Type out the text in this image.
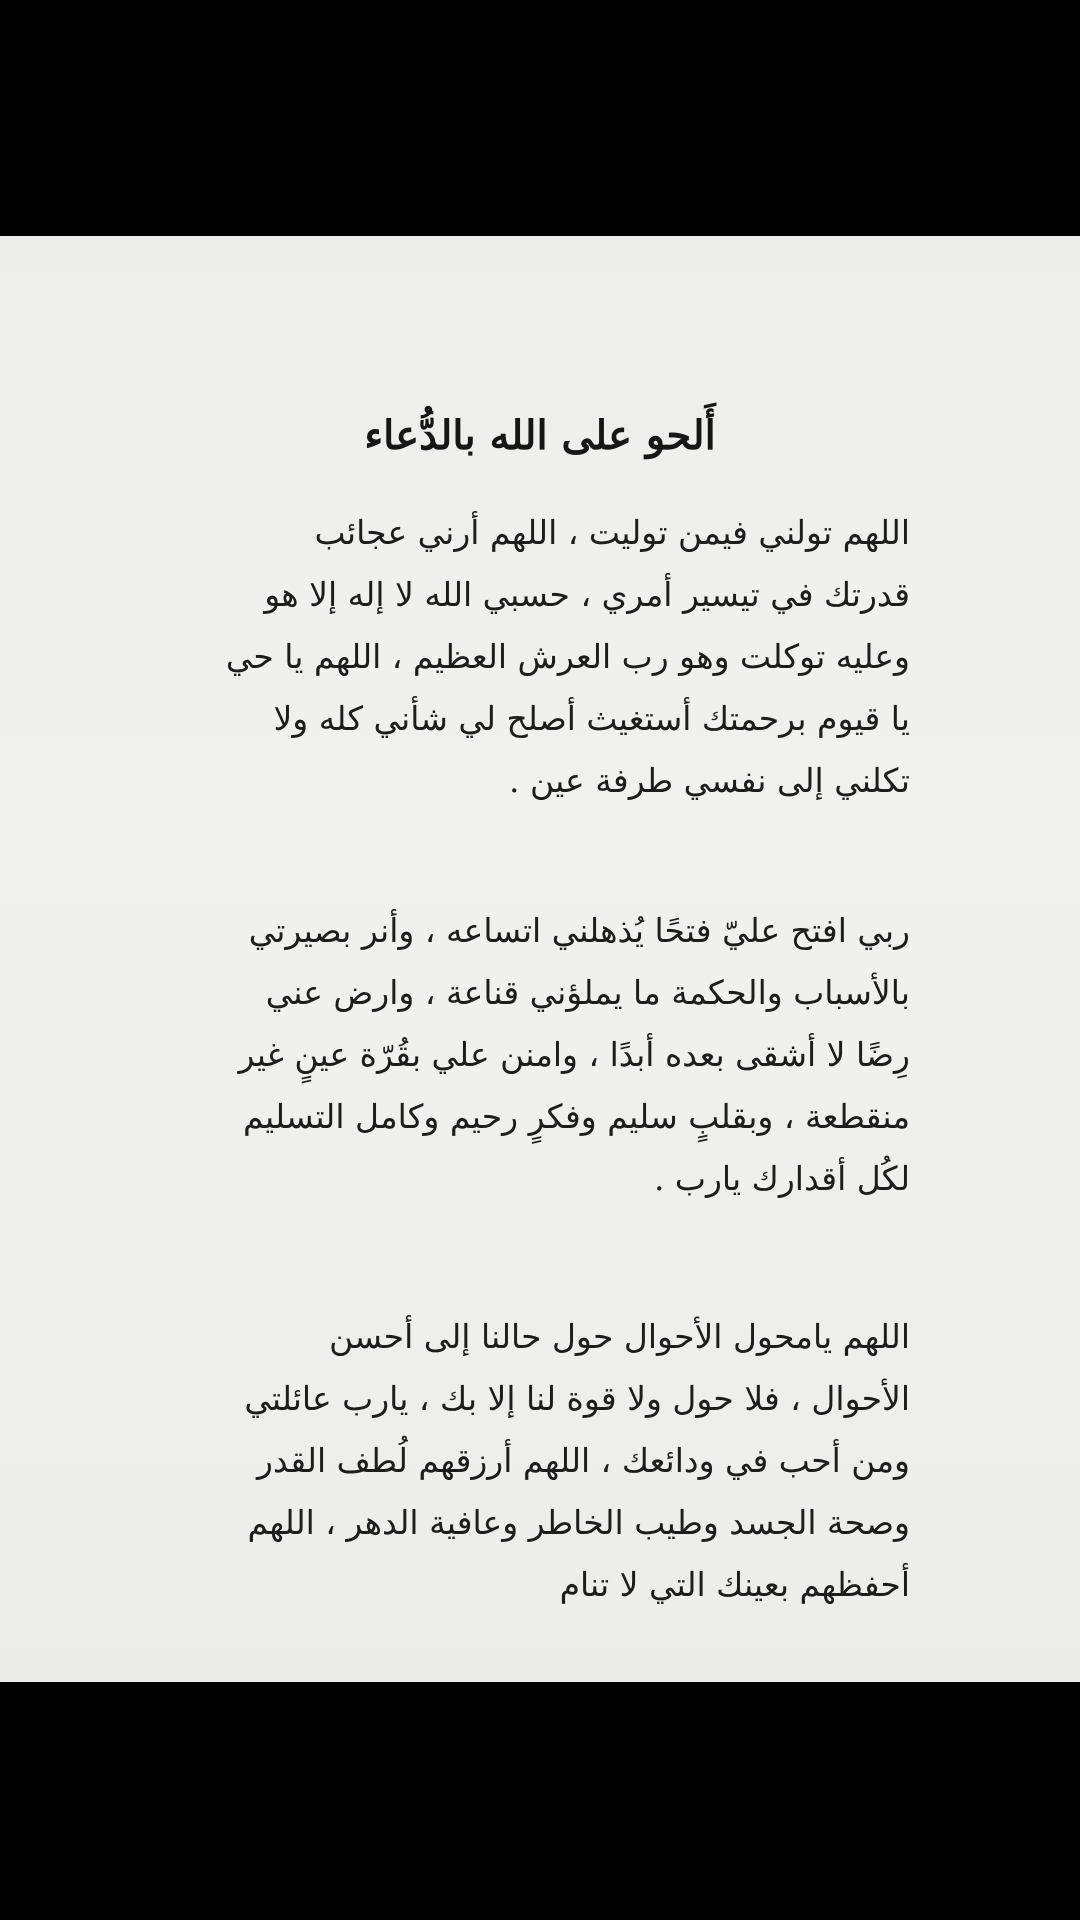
أَلحو على الله بالدُّعاء
اللهم تولني فيمن توليت ، اللهم أرني عجائب
قدرتك في تيسير أمري ، حسبي الله لا إله إلا هو
وعليه توكلت وهو رب العرش العظيم ، اللهم يا حي
يا قيوم برحمتك أستغيث أصلح لي شأني كله ولا
تكلني إلى نفسي طرفة عين .
ربي افتح عليّ فتحًا يُذهلني اتساعه ، وأنر بصيرتي
بالأسباب والحكمة ما يملؤني قناعة ، وارض عني
رِضًا لا أشقى بعده أبدًا ، وامنن علي بقُرّة عينٍ غير
منقطعة ، وبقلبٍ سليم وفكرٍ رحيم وكامل التسليم
لكُل أقدارك يارب .
اللهم يامحول الأحوال حول حالنا إلى أحسن
الأحوال ، فلا حول ولا قوة لنا إلا بك ، يارب عائلتي
ومن أحب في ودائعك ، اللهم أرزقهم لُطف القدر
وصحة الجسد وطيب الخاطر وعافية الدهر ، اللهم
أحفظهم بعينك التي لا تنام
